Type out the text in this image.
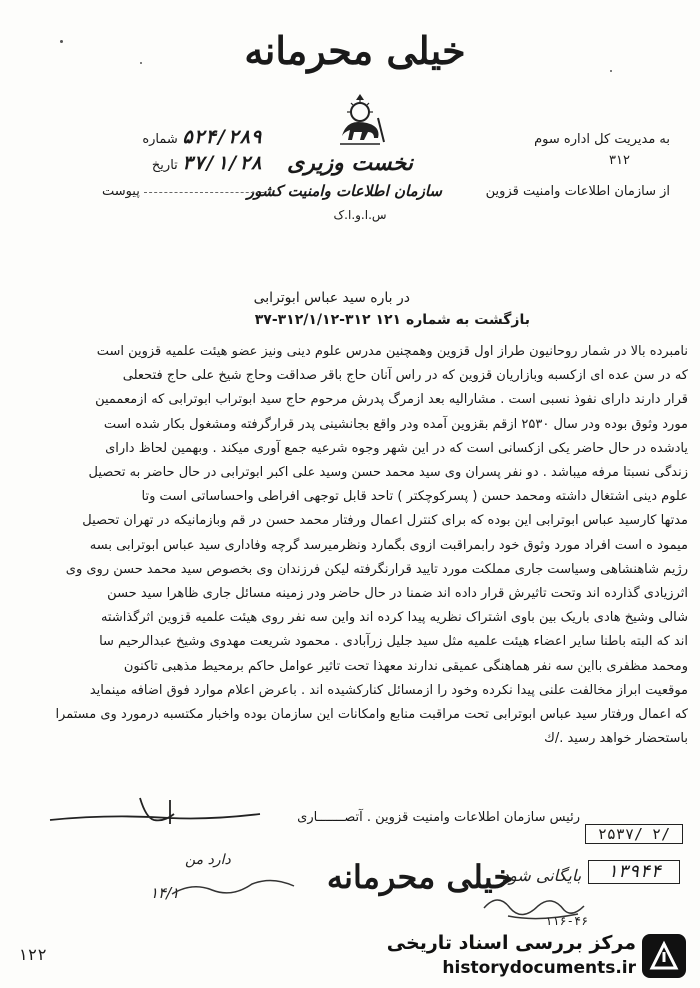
خیلی محرمانه
نخست وزیری
سازمان اطلاعات وامنیت کشور
س.ا.و.ا.ک
شماره ۵۲۴/۲۸۹
تاریخ ۳۷/۱/۲۸
پیوست
به مدیریت کل اداره سوم
۳۱۲
از سازمان اطلاعات وامنیت قزوین
در باره سید عباس ابوترابی
بازگشت به شماره ۱۲۱ ۳۱۲-۳۱۲/۱/۱۲-۳۷

نامبرده بالا در شمار روحانیون طراز اول قزوین وهمچنین مدرس علوم دینی ونیز عضو هیئت علمیه قزوین است

که در سن عده ای ازکسبه وبازاریان قزوین که در راس آنان حاج باقر صداقت وحاج شیخ علی حاج فتحعلی

قرار دارند دارای نفوذ نسبی است . مشارالیه بعد ازمرگ پدرش مرحوم حاج سید ابوتراب ابوترابی که ازمعممین

مورد وثوق بوده ودر سال ۲۵۳۰ ازقم بقزوین آمده ودر واقع بجانشینی پدر قرارگرفته ومشغول بکار شده است

یادشده در حال حاضر یکی ازکسانی است که در این شهر وجوه شرعیه جمع آوری میکند . وبهمین لحاظ دارای

زندگی نسبتا مرفه میباشد . دو نفر پسران وی سید محمد حسن وسید علی اکبر ابوترابی در حال حاضر به تحصیل

علوم دینی اشتغال داشته ومحمد حسن ( پسرکوچکتر ) تاحد قابل توجهی افراطی واحساساتی است وتا

مدتها کارسید عباس ابوترابی این بوده که برای کنترل اعمال ورفتار محمد حسن در قم وبازمانیکه در تهران تحصیل

میمود ه است افراد مورد وثوق خود رابمراقبت ازوی بگمارد ونظرمیرسد گرچه وفاداری سید عباس ابوترابی بسه

رژیم شاهنشاهی وسیاست جاری مملکت مورد تایید قرارنگرفته لیکن فرزندان وی بخصوص سید محمد حسن روی وی

اثرزیادی گذارده اند وتحت تاثیرش قرار داده اند ضمنا در حال حاضر ودر زمینه مسائل جاری ظاهرا سید حسن

شالی وشیخ هادی باریک بین باوی اشتراک نظریه پیدا کرده اند واین سه نفر روی هیئت علمیه قزوین اثرگذاشته

اند که البته باطنا سایر اعضاء هیئت علمیه مثل سید جلیل زرآبادی . محمود شریعت مهدوی وشیخ عبدالرحیم سا

ومحمد مظفری بااین سه نفر هماهنگی عمیقی ندارند معهذا تحت تاثیر عوامل حاکم برمحیط مذهبی تاکنون

موقعیت ابراز مخالفت علنی پیدا نکرده وخود را ازمسائل کنارکشیده اند . باعرض اعلام موارد فوق اضافه مینماید

که اعمال ورفتار سید عباس ابوترابی تحت مراقبت منابع وامکانات این سازمان بوده واخبار مکتسبه درمورد وی مستمرا

باستحضار خواهد رسید ./ك

رئیس سازمان اطلاعات وامنیت قزوین . آتصـــــــاری
۲۵۳۷/ ۲/
۱۳۹۴۴
دارد من
بایگانی شود
۱۴/۱	خیلی محرمانه
۱۲۲
۱۱۶-۴۶
مرکز بررسی اسناد تاریخی
historydocuments.ir
